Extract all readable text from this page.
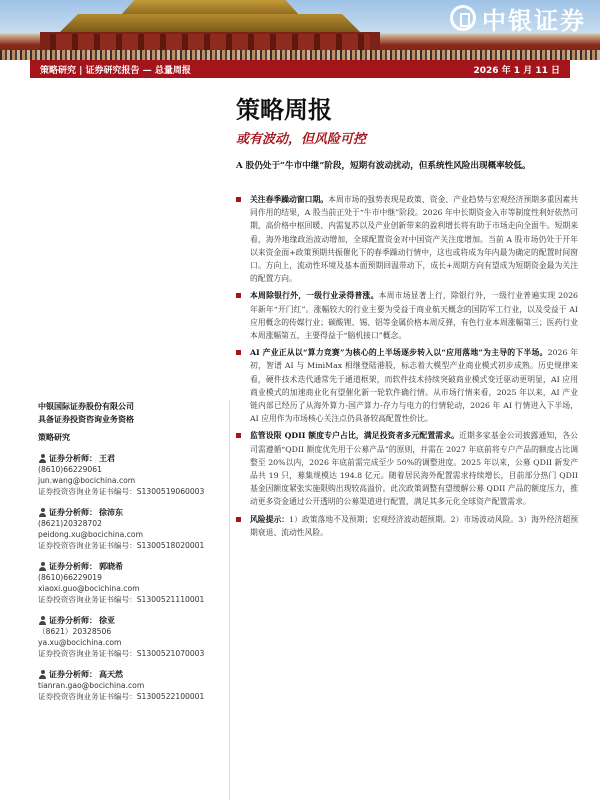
中银证券
策略研究 | 证券研究报告 — 总量周报	2026 年 1 月 11 日
策略周报
或有波动，但风险可控
A 股仍处于“牛市中继”阶段，短期有波动扰动，但系统性风险出现概率较低。
关注春季躁动窗口期。本周市场的强势表现是政策、资金、产业趋势与宏观经济预期多重因素共同作用的结果，A 股当前正处于“牛市中继”阶段。2026 年中长期资金入市等制度性利好依然可期，高价格中枢回暖、内需复苏以及产业创新带来的盈利增长将有助于市场走向全面牛。短期来看，海外地缘政治波动增加，全球配置资金对中国资产关注度增加。当前 A 股市场仍处于开年以来资金面+政策预期共振催化下的春季躁动行情中，这也或将成为年内最为确定的配置时间窗口。方向上，流动性环境及基本面预期回温带动下，成长+周期方向有望成为短期资金最为关注的配置方向。
本周除银行外，一级行业录得普涨。本周市场显著上行，除银行外，一级行业普遍实现 2026 年新年“开门红”。涨幅较大的行业主要为受益于商业航天概念的国防军工行业，以及受益于 AI 应用概念的传媒行业；碳酸锂、锡、铝等金属价格本周反弹，有色行业本周涨幅第三；医药行业本周涨幅第五，主要得益于“脑机接口”概念。
AI 产业正从以“算力竞赛”为核心的上半场逐步转入以“应用落地”为主导的下半场。2026 年初，智谱 AI 与 MiniMax 相继登陆港股，标志着大模型产业商业模式初步成熟。历史规律来看，硬件技术迭代通常先于通道框架，而软件技术持续突破商业模式变迁驱动更明显，AI 应用商业模式的加速商业化有望催化新一轮软件确行情。从市场行情来看，2025 年以来，AI 产业链内部已经历了从海外算力-国产算力-存力与电力的行情轮动，2026 年 AI 行情进入下半场，AI 应用作为市场核心关注点仍具备较高配置性价比。
监管设限 QDII 额度专户占比，满足投资者多元配置需求。近期多家基金公司披露通知，各公司需遵循“QDII 额度优先用于公募产品”的原则，并需在 2027 年底前将专户产品的额度占比调整至 20%以内，2026 年底前需完成至少 50%的调整进度。2025 年以来，公募 QDII 新发产品共 19 只，募集规模达 194.8 亿元。随着居民海外配置需求持续增长，目前部分热门 QDII 基金因额度紧张实施限购出现较高溢价。此次政策调整有望缓解公募 QDII 产品的额度压力，推动更多资金通过公开透明的公募渠道进行配置，满足其多元化全球资产配置需求。
风险提示：1）政策落地不及预期；宏观经济波动超预期。2）市场波动风险。3）海外经济超预期衰退、流动性风险。
中银国际证券股份有限公司
具备证券投资咨询业务资格
策略研究
证券分析师： 王君
(8610)66229061
jun.wang@bocichina.com
证券投资咨询业务证书编号：S1300519060003
证券分析师： 徐沛东
(8621)20328702
peidong.xu@bocichina.com
证券投资咨询业务证书编号：S1300518020001
证券分析师： 郭晓希
(8610)66229019
xiaoxi.guo@bocichina.com
证券投资咨询业务证书编号：S1300521110001
证券分析师： 徐亚
（8621）20328506
ya.xu@bocichina.com
证券投资咨询业务证书编号：S1300521070003
证券分析师： 高天然
tianran.gao@bocichina.com
证券投资咨询业务证书编号：S1300522100001
